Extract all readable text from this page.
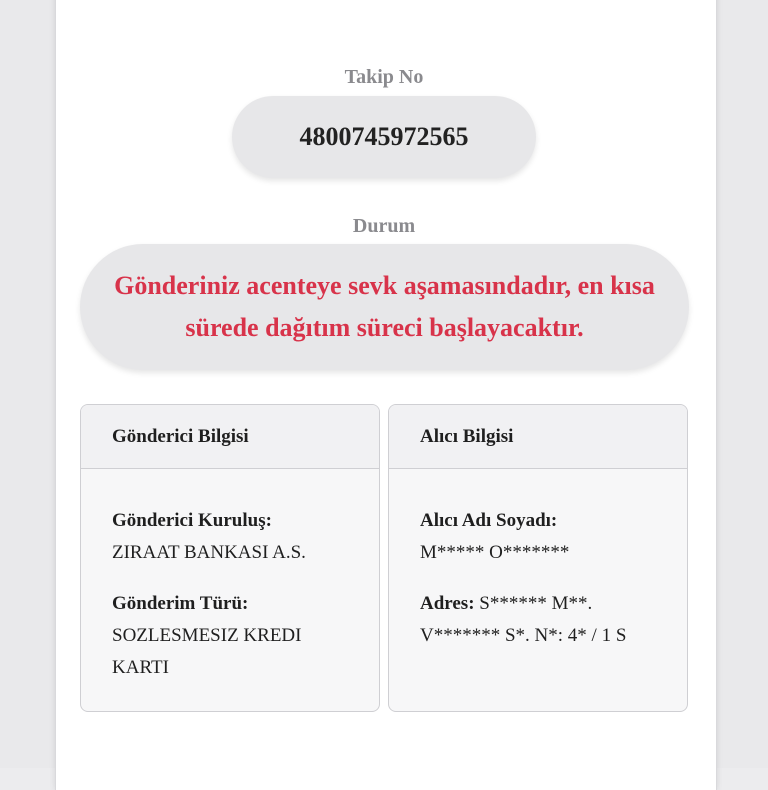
Takip No
4800745972565
Durum
Gönderiniz acenteye sevk aşamasındadır, en kısa sürede dağıtım süreci başlayacaktır.
Gönderici Bilgisi
Gönderici Kuruluş:
ZIRAAT BANKASI A.S.
Gönderim Türü:
SOZLESMESIZ KREDI KARTI
Alıcı Bilgisi
Alıcı Adı Soyadı:
M***** O*******
Adres: S****** M**. V******* S*. N*: 4* / 1 S
